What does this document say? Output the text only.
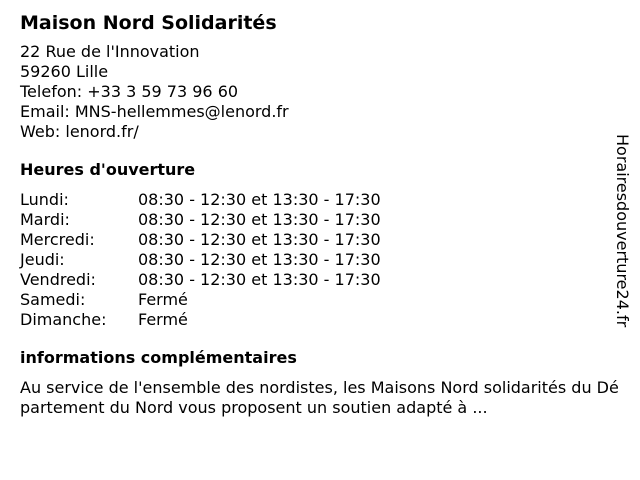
Maison Nord Solidarités
22 Rue de l'Innovation
59260 Lille
Telefon: +33 3 59 73 96 60
Email: MNS-hellemmes@lenord.fr
Web: lenord.fr/
Heures d'ouverture
Lundi:	08:30 - 12:30 et 13:30 - 17:30
Mardi:	08:30 - 12:30 et 13:30 - 17:30
Mercredi:	08:30 - 12:30 et 13:30 - 17:30
Jeudi:	08:30 - 12:30 et 13:30 - 17:30
Vendredi:	08:30 - 12:30 et 13:30 - 17:30
Samedi:	Fermé
Dimanche:	Fermé
informations complémentaires
Au service de l'ensemble des nordistes, les Maisons Nord solidarités du Département du Nord vous proposent un soutien adapté à ...
Horairesdouverture24.fr
